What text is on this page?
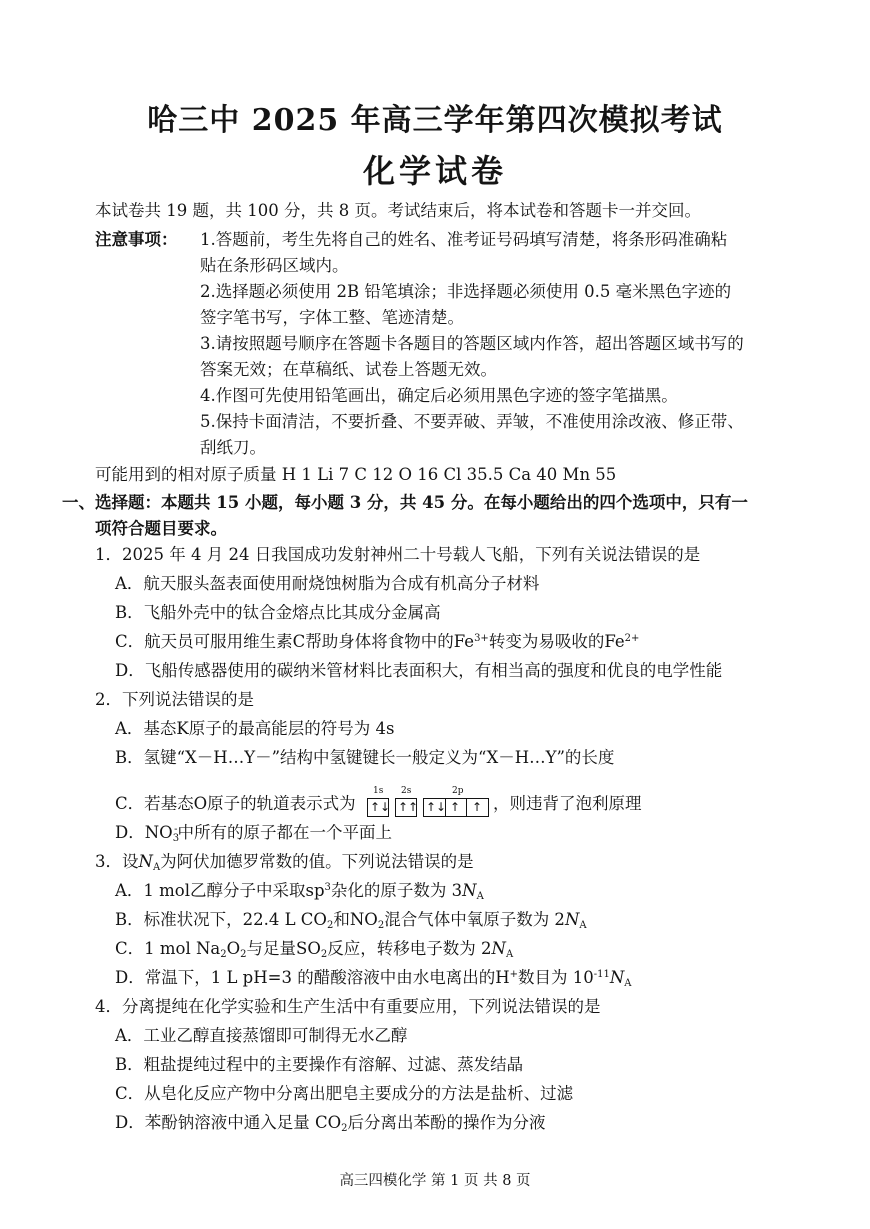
哈三中 2025 年高三学年第四次模拟考试
化学试卷
本试卷共 19 题，共 100 分，共 8 页。考试结束后，将本试卷和答题卡一并交回。
注意事项： 1.答题前，考生先将自己的姓名、准考证号码填写清楚，将条形码准确粘
贴在条形码区域内。
2.选择题必须使用 2B 铅笔填涂；非选择题必须使用 0.5 毫米黑色字迹的
签字笔书写，字体工整、笔迹清楚。
3.请按照题号顺序在答题卡各题目的答题区域内作答，超出答题区域书写的
答案无效；在草稿纸、试卷上答题无效。
4.作图可先使用铅笔画出，确定后必须用黑色字迹的签字笔描黑。
5.保持卡面清洁，不要折叠、不要弄破、弄皱，不准使用涂改液、修正带、
刮纸刀。
可能用到的相对原子质量 H 1 Li 7 C 12 O 16 Cl 35.5 Ca 40 Mn 55
一、选择题：本题共 15 小题，每小题 3 分，共 45 分。在每小题给出的四个选项中，只有一
项符合题目要求。
1．2025 年 4 月 24 日我国成功发射神州二十号载人飞船，下列有关说法错误的是
A．航天服头盔表面使用耐烧蚀树脂为合成有机高分子材料
B．飞船外壳中的钛合金熔点比其成分金属高
C．航天员可服用维生素C帮助身体将食物中的$Fe^{3+}$转变为易吸收的$Fe^{2+}$
D．飞船传感器使用的碳纳米管材料比表面积大，有相当高的强度和优良的电学性能
2．下列说法错误的是
A．基态K原子的最高能层的符号为 4s
B．氢键“X－H…Y－”结构中氢键键长一般定义为“X－H…Y”的长度
C．若基态O原子的轨道表示式为
1s 2s	2p
↑↓ ↑↑ ↑↓ ↑ ↑ ，则违背了泡利原理
D．$NO_3^-$中所有的原子都在一个平面上
3．设$N_A$为阿伏加德罗常数的值。下列说法错误的是
A．1 mol乙醇分子中采取$sp^3$杂化的原子数为 $3N_A$
B．标准状况下，22.4 L $CO_2$和$NO_2$混合气体中氧原子数为 $2N_A$
C．1 mol $Na_2O_2$与足量$SO_2$反应，转移电子数为 $2N_A$
D．常温下，1 L pH=3 的醋酸溶液中由水电离出的H+数目为 $10^{-11}N_A$
4．分离提纯在化学实验和生产生活中有重要应用，下列说法错误的是
A．工业乙醇直接蒸馏即可制得无水乙醇
B．粗盐提纯过程中的主要操作有溶解、过滤、蒸发结晶
C．从皂化反应产物中分离出肥皂主要成分的方法是盐析、过滤
D．苯酚钠溶液中通入足量 $CO_2$后分离出苯酚的操作为分液
高三四模化学 第 1 页 共 8 页
